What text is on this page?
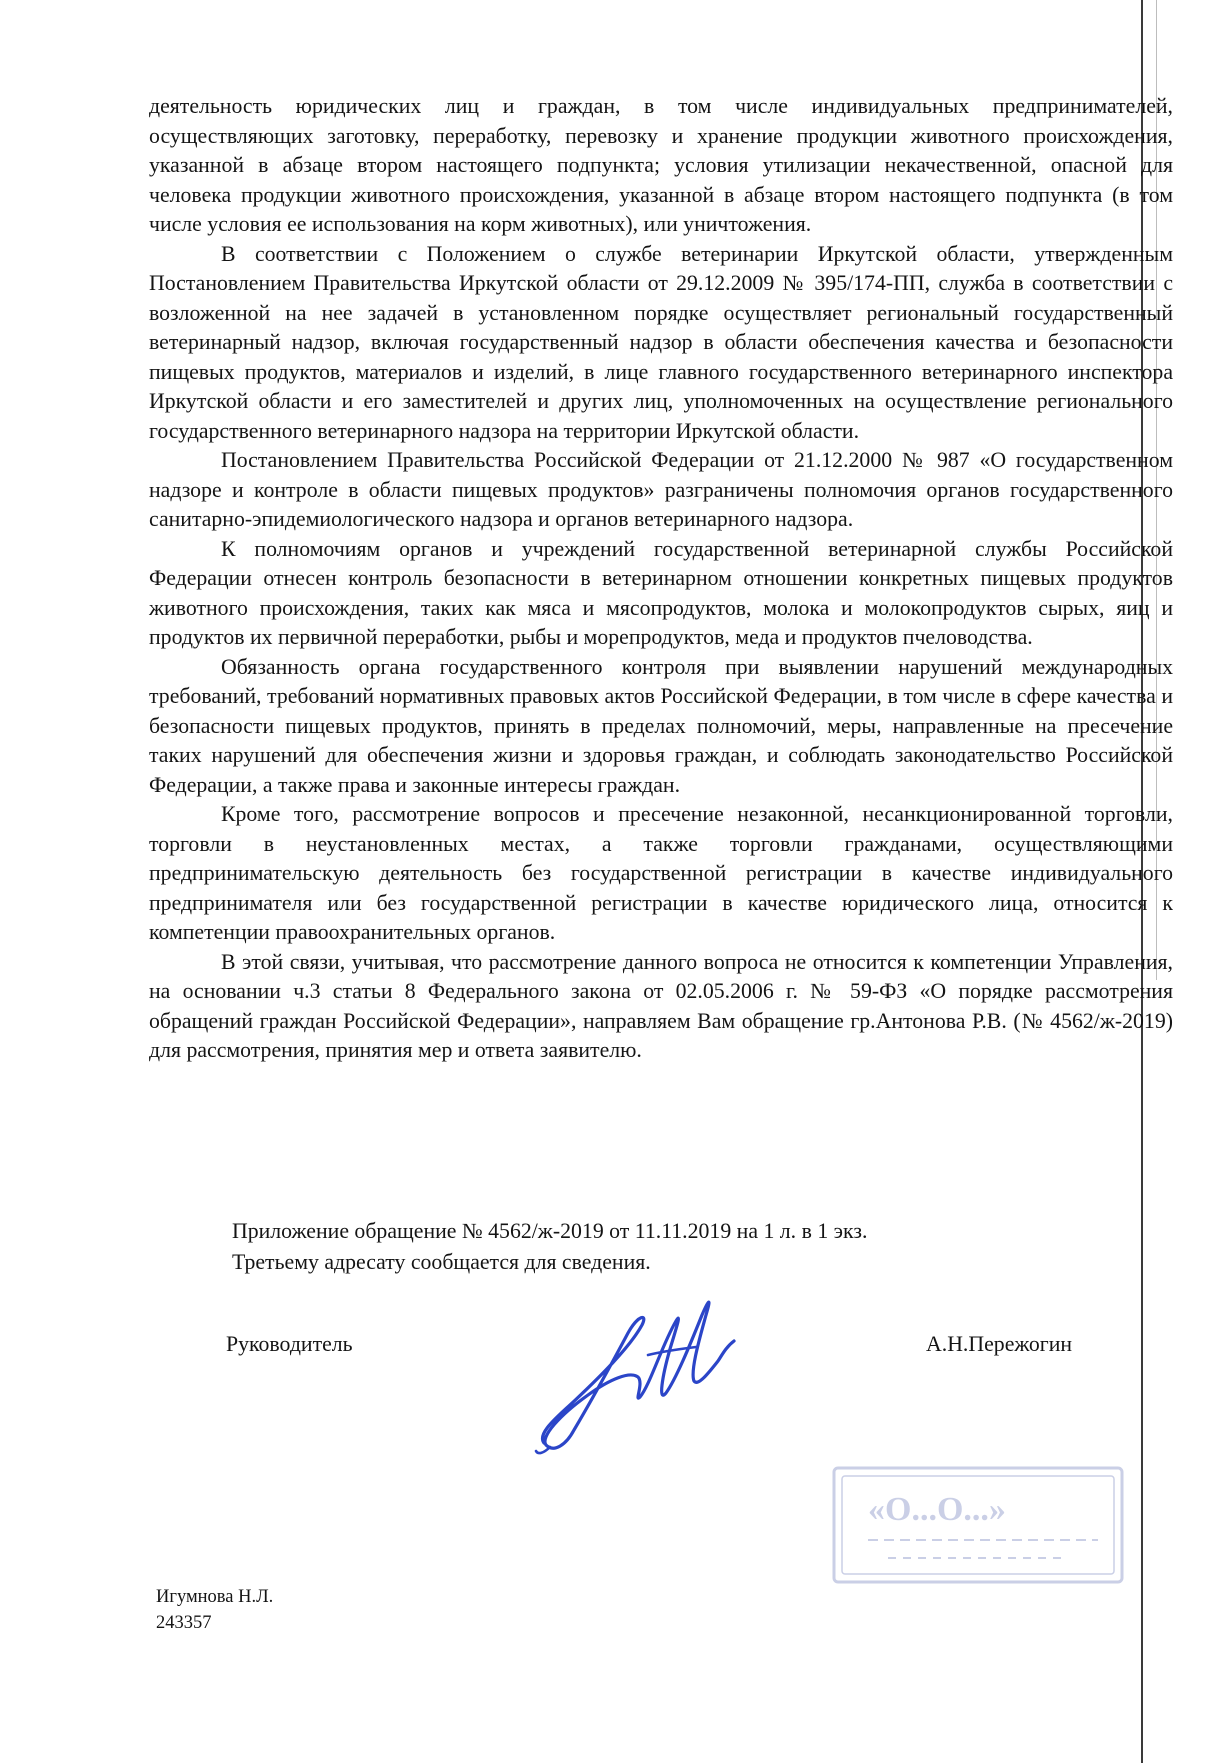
деятельность юридических лиц и граждан, в том числе индивидуальных предпринимателей, осуществляющих заготовку, переработку, перевозку и хранение продукции животного происхождения, указанной в абзаце втором настоящего подпункта; условия утилизации некачественной, опасной для человека продукции животного происхождения, указанной в абзаце втором настоящего подпункта (в том числе условия ее использования на корм животных), или уничтожения.

В соответствии с Положением о службе ветеринарии Иркутской области, утвержденным Постановлением Правительства Иркутской области от 29.12.2009 № 395/174-ПП, служба в соответствии с возложенной на нее задачей в установленном порядке осуществляет региональный государственный ветеринарный надзор, включая государственный надзор в области обеспечения качества и безопасности пищевых продуктов, материалов и изделий, в лице главного государственного ветеринарного инспектора Иркутской области и его заместителей и других лиц, уполномоченных на осуществление регионального государственного ветеринарного надзора на территории Иркутской области.

Постановлением Правительства Российской Федерации от 21.12.2000 № 987 «О государственном надзоре и контроле в области пищевых продуктов» разграничены полномочия органов государственного санитарно-эпидемиологического надзора и органов ветеринарного надзора.

К полномочиям органов и учреждений государственной ветеринарной службы Российской Федерации отнесен контроль безопасности в ветеринарном отношении конкретных пищевых продуктов животного происхождения, таких как мяса и мясопродуктов, молока и молокопродуктов сырых, яиц и продуктов их первичной переработки, рыбы и морепродуктов, меда и продуктов пчеловодства.

Обязанность органа государственного контроля при выявлении нарушений международных требований, требований нормативных правовых актов Российской Федерации, в том числе в сфере качества и безопасности пищевых продуктов, принять в пределах полномочий, меры, направленные на пресечение таких нарушений для обеспечения жизни и здоровья граждан, и соблюдать законодательство Российской Федерации, а также права и законные интересы граждан.

Кроме того, рассмотрение вопросов и пресечение незаконной, несанкционированной торговли, торговли в неустановленных местах, а также торговли гражданами, осуществляющими предпринимательскую деятельность без государственной регистрации в качестве индивидуального предпринимателя или без государственной регистрации в качестве юридического лица, относится к компетенции правоохранительных органов.

В этой связи, учитывая, что рассмотрение данного вопроса не относится к компетенции Управления, на основании ч.3 статьи 8 Федерального закона от 02.05.2006 г. № 59-ФЗ «О порядке рассмотрения обращений граждан Российской Федерации», направляем Вам обращение гр.Антонова Р.В. (№ 4562/ж-2019) для рассмотрения, принятия мер и ответа заявителю.

Приложение обращение № 4562/ж-2019 от 11.11.2019 на 1 л. в 1 экз.
Третьему адресату сообщается для сведения.
Руководитель	А.Н.Пережогин
«О...О...»
Игумнова Н.Л.
243357
